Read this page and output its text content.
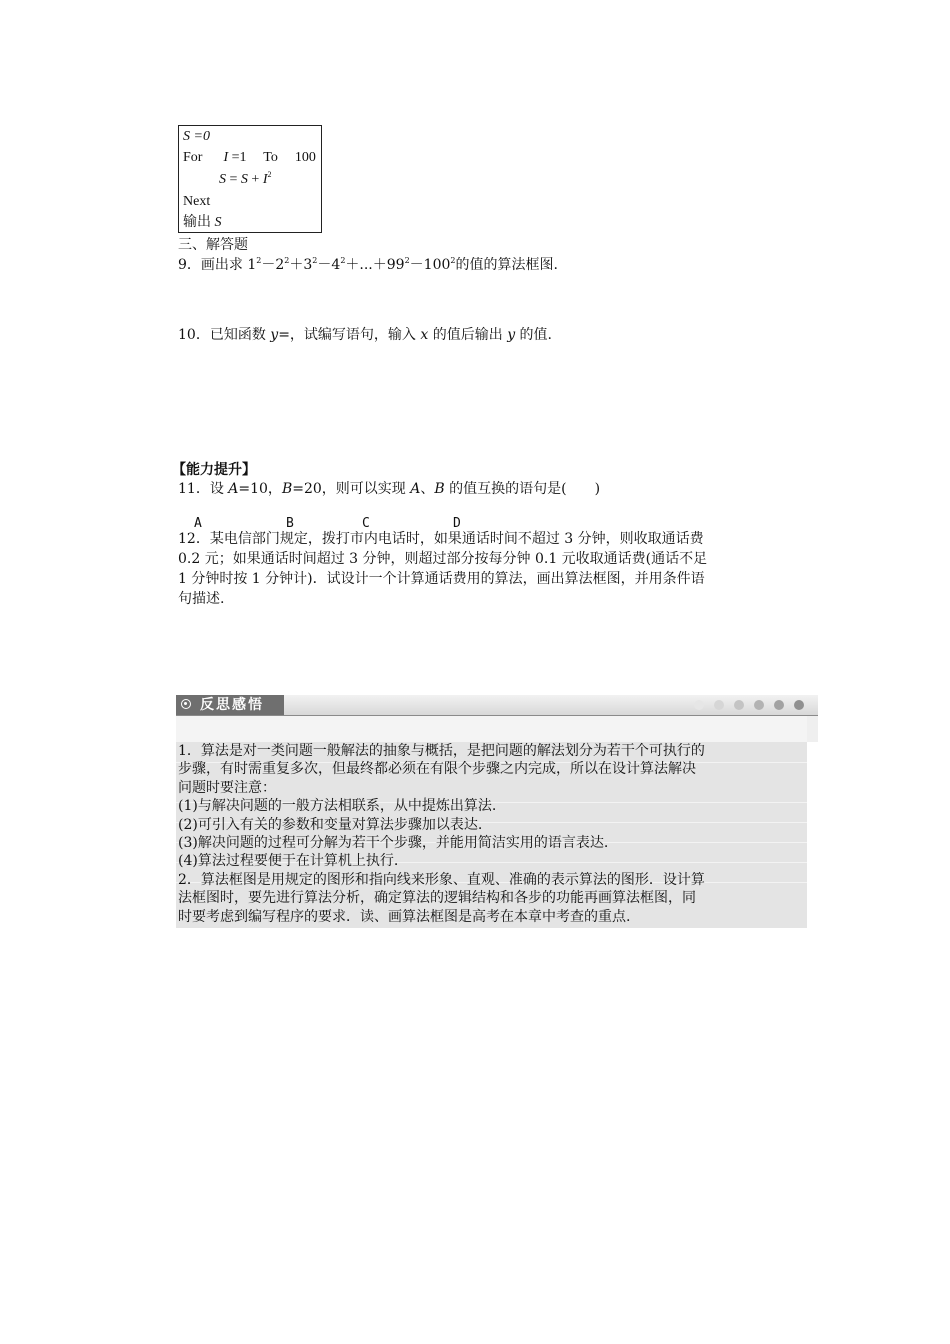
S =0
For I =1 To 100
$S = S + I^2$
Next
输出 S
三、解答题
9．画出求 $1^2-2^2+3^2-4^2+...+99^2-100^2$的值的算法框图.
10．已知函数 y=，试编写语句，输入 x 的值后输出 y 的值.
【能力提升】
11．设 A=10，B=20，则可以实现 A、B 的值互换的语句是(　　)
A	B	C	D
12．某电信部门规定，拨打市内电话时，如果通话时间不超过 3 分钟，则收取通话费
0.2 元；如果通话时间超过 3 分钟，则超过部分按每分钟 0.1 元收取通话费(通话不足
1 分钟时按 1 分钟计)．试设计一个计算通话费用的算法，画出算法框图，并用条件语
句描述.
反思感悟
1．算法是对一类问题一般解法的抽象与概括，是把问题的解法划分为若干个可执行的
步骤，有时需重复多次，但最终都必须在有限个步骤之内完成，所以在设计算法解决
问题时要注意：
(1)与解决问题的一般方法相联系，从中提炼出算法.
(2)可引入有关的参数和变量对算法步骤加以表达.
(3)解决问题的过程可分解为若干个步骤，并能用简洁实用的语言表达.
(4)算法过程要便于在计算机上执行.
2．算法框图是用规定的图形和指向线来形象、直观、准确的表示算法的图形．设计算
法框图时，要先进行算法分析，确定算法的逻辑结构和各步的功能再画算法框图，同
时要考虑到编写程序的要求．读、画算法框图是高考在本章中考查的重点.
